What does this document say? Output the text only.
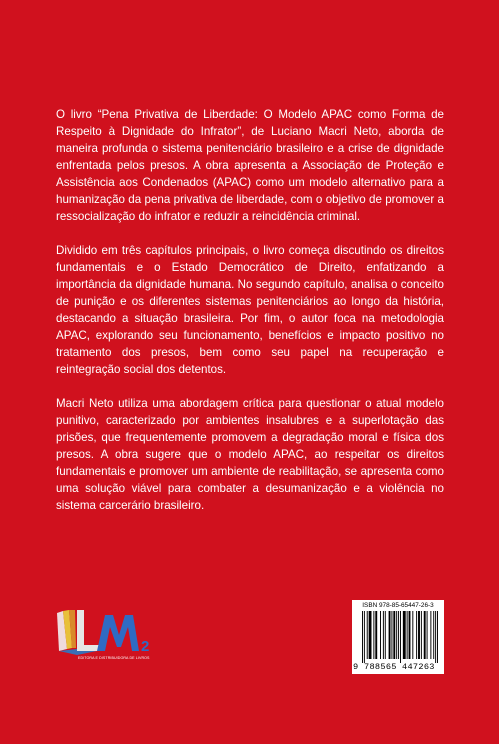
O livro “Pena Privativa de Liberdade: O Modelo APAC como Forma de Respeito à Dignidade do Infrator”, de Luciano Macri Neto, aborda de maneira profunda o sistema penitenciário brasileiro e a crise de dignidade enfrentada pelos presos. A obra apresenta a Associação de Proteção e Assistência aos Condenados (APAC) como um modelo alternativo para a humanização da pena privativa de liberdade, com o objetivo de promover a ressocialização do infrator e reduzir a reincidência criminal.

Dividido em três capítulos principais, o livro começa discutindo os direitos fundamentais e o Estado Democrático de Direito, enfatizando a importância da dignidade humana. No segundo capítulo, analisa o conceito de punição e os diferentes sistemas penitenciários ao longo da história, destacando a situação brasileira. Por fim, o autor foca na metodologia APAC, explorando seu funcionamento, benefícios e impacto positivo no tratamento dos presos, bem como seu papel na recuperação e reintegração social dos detentos.

Macri Neto utiliza uma abordagem crítica para questionar o atual modelo punitivo, caracterizado por ambientes insalubres e a superlotação das prisões, que frequentemente promovem a degradação moral e física dos presos. A obra sugere que o modelo APAC, ao respeitar os direitos fundamentais e promover um ambiente de reabilitação, se apresenta como uma solução viável para combater a desumanização e a violência no sistema carcerário brasileiro.

2
EDITORA E DISTRIBUIDORA DE LIVROS
ISBN 978-85-65447-26-3
9 788565 447263
